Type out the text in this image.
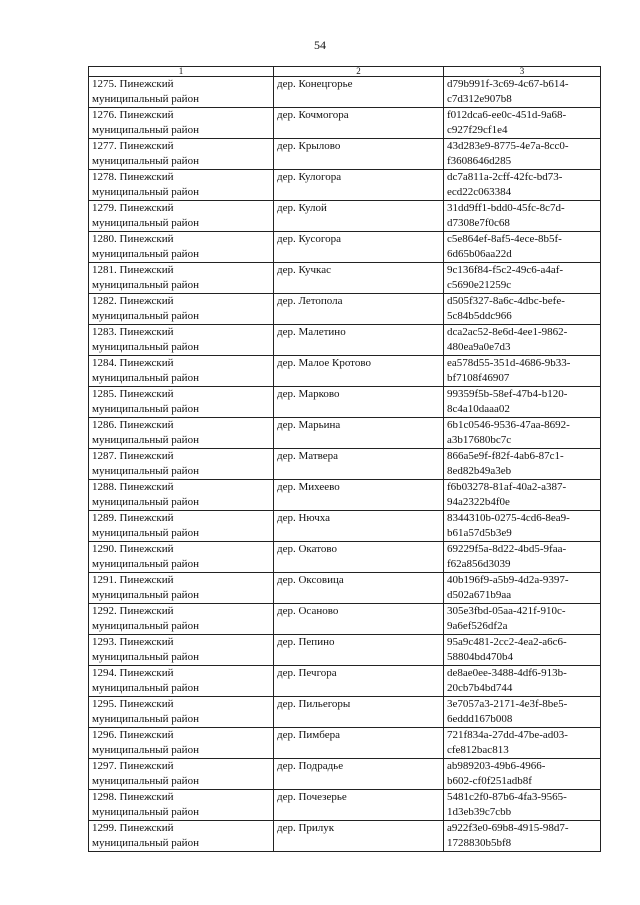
54
1	2	3

1275. Пинежский
муниципальный район	дер. Конецгорье	d79b991f-3c69-4c67-b614-
c7d312e907b8

1276. Пинежский
муниципальный район	дер. Кочмогора	f012dca6-ee0c-451d-9a68-
c927f29cf1e4

1277. Пинежский
муниципальный район	дер. Крылово	43d283e9-8775-4e7a-8cc0-
f3608646d285

1278. Пинежский
муниципальный район	дер. Кулогора	dc7a811a-2cff-42fc-bd73-
ecd22c063384

1279. Пинежский
муниципальный район	дер. Кулой	31dd9ff1-bdd0-45fc-8c7d-
d7308e7f0c68

1280. Пинежский
муниципальный район	дер. Кусогора	c5e864ef-8af5-4ece-8b5f-
6d65b06aa22d

1281. Пинежский
муниципальный район	дер. Кучкас	9c136f84-f5c2-49c6-a4af-
c5690e21259c

1282. Пинежский
муниципальный район	дер. Летопола	d505f327-8a6c-4dbc-befe-
5c84b5ddc966

1283. Пинежский
муниципальный район	дер. Малетино	dca2ac52-8e6d-4ee1-9862-
480ea9a0e7d3

1284. Пинежский
муниципальный район	дер. Малое Кротово	ea578d55-351d-4686-9b33-
bf7108f46907

1285. Пинежский
муниципальный район	дер. Марково	99359f5b-58ef-47b4-b120-
8c4a10daaa02

1286. Пинежский
муниципальный район	дер. Марьина	6b1c0546-9536-47aa-8692-
a3b17680bc7c

1287. Пинежский
муниципальный район	дер. Матвера	866a5e9f-f82f-4ab6-87c1-
8ed82b49a3eb

1288. Пинежский
муниципальный район	дер. Михеево	f6b03278-81af-40a2-a387-
94a2322b4f0e

1289. Пинежский
муниципальный район	дер. Нючха	8344310b-0275-4cd6-8ea9-
b61a57d5b3e9

1290. Пинежский
муниципальный район	дер. Окатово	69229f5a-8d22-4bd5-9faa-
f62a856d3039

1291. Пинежский
муниципальный район	дер. Оксовица	40b196f9-a5b9-4d2a-9397-
d502a671b9aa

1292. Пинежский
муниципальный район	дер. Осаново	305e3fbd-05aa-421f-910c-
9a6ef526df2a

1293. Пинежский
муниципальный район	дер. Пепино	95a9c481-2cc2-4ea2-a6c6-
58804bd470b4

1294. Пинежский
муниципальный район	дер. Печгора	de8ae0ee-3488-4df6-913b-
20cb7b4bd744

1295. Пинежский
муниципальный район	дер. Пильегоры	3e7057a3-2171-4e3f-8be5-
6eddd167b008

1296. Пинежский
муниципальный район	дер. Пимбера	721f834a-27dd-47be-ad03-
cfe812bac813

1297. Пинежский
муниципальный район	дер. Подрадье	ab989203-49b6-4966-
b602-cf0f251adb8f

1298. Пинежский
муниципальный район	дер. Почезерье	5481c2f0-87b6-4fa3-9565-
1d3eb39c7cbb

1299. Пинежский
муниципальный район	дер. Прилук	a922f3e0-69b8-4915-98d7-
1728830b5bf8
